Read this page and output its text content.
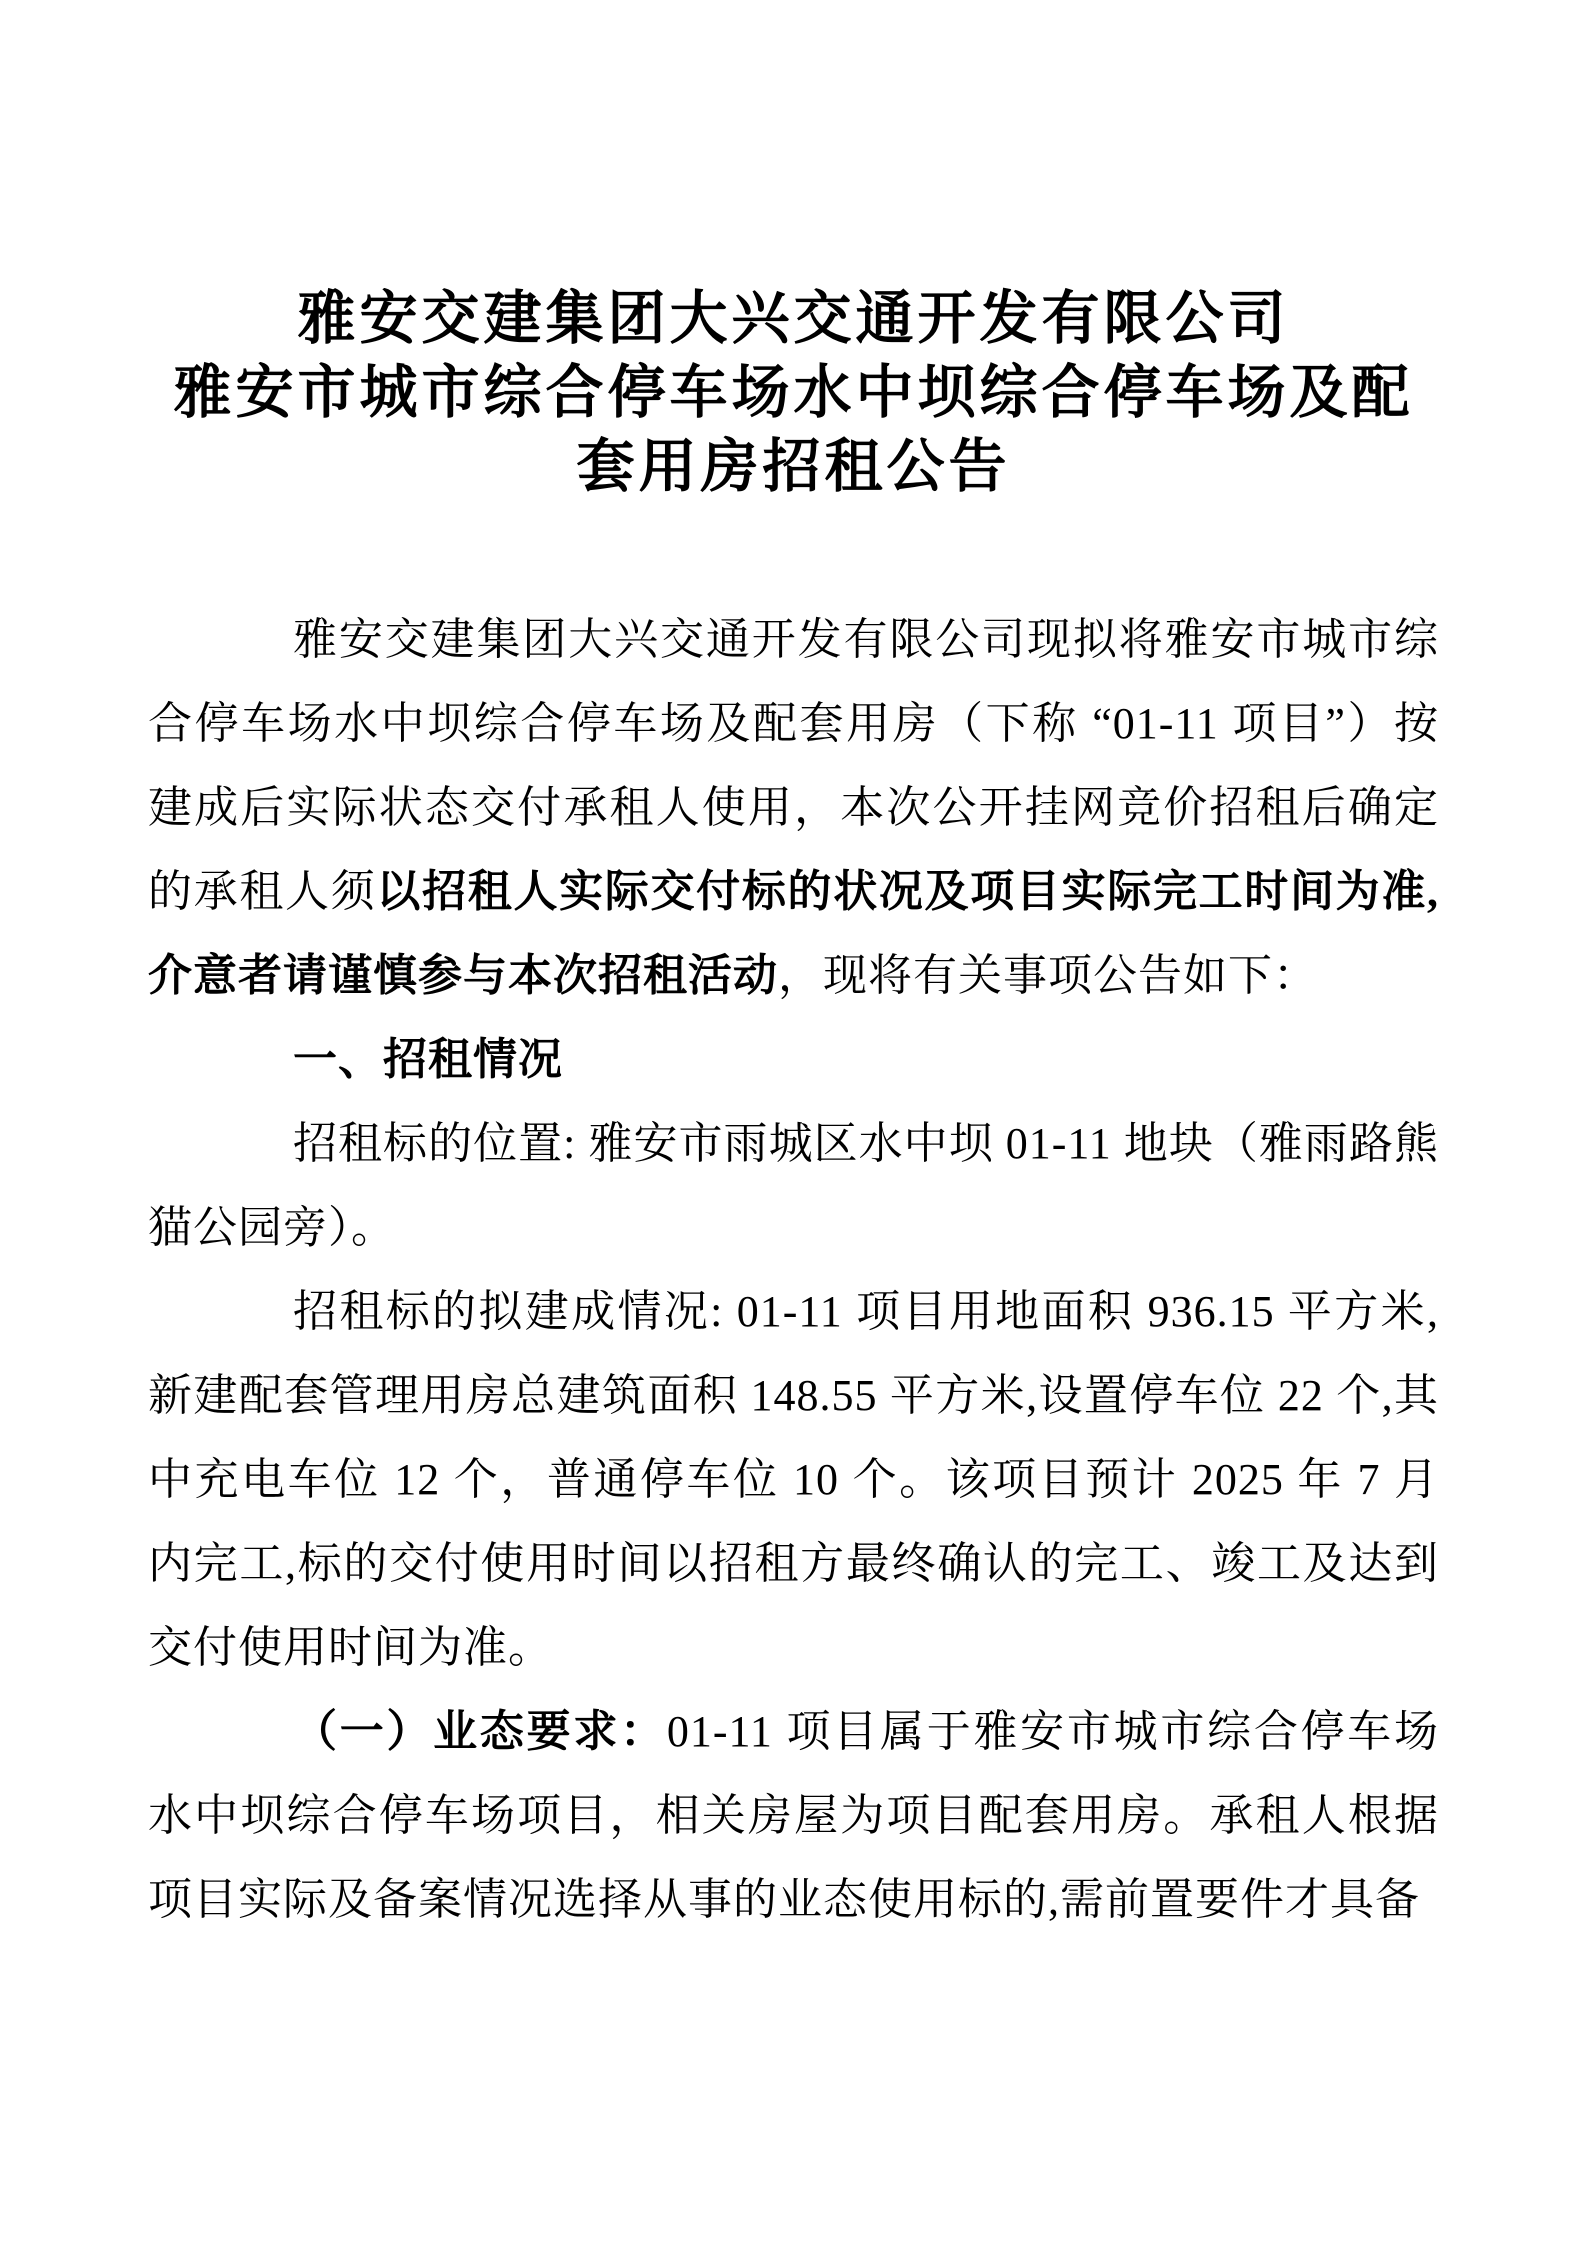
雅安交建集团大兴交通开发有限公司
雅安市城市综合停车场水中坝综合停车场及配
套用房招租公告

雅安交建集团大兴交通开发有限公司现拟将雅安市城市综合停车场水中坝综合停车场及配套用房（下称 “01-11 项目”）按建成后实际状态交付承租人使用，本次公开挂网竞价招租后确定的承租人须以招租人实际交付标的状况及项目实际完工时间为准,介意者请谨慎参与本次招租活动，现将有关事项公告如下：

一、招租情况

招租标的位置: 雅安市雨城区水中坝 01-11 地块（雅雨路熊猫公园旁）。

招租标的拟建成情况: 01-11 项目用地面积 936.15 平方米, 新建配套管理用房总建筑面积 148.55 平方米,设置停车位 22 个,其中充电车位 12 个，普通停车位 10 个。该项目预计 2025 年 7 月内完工,标的交付使用时间以招租方最终确认的完工、竣工及达到交付使用时间为准。

（一）业态要求：01-11 项目属于雅安市城市综合停车场水中坝综合停车场项目，相关房屋为项目配套用房。承租人根据项目实际及备案情况选择从事的业态使用标的,需前置要件才具备
